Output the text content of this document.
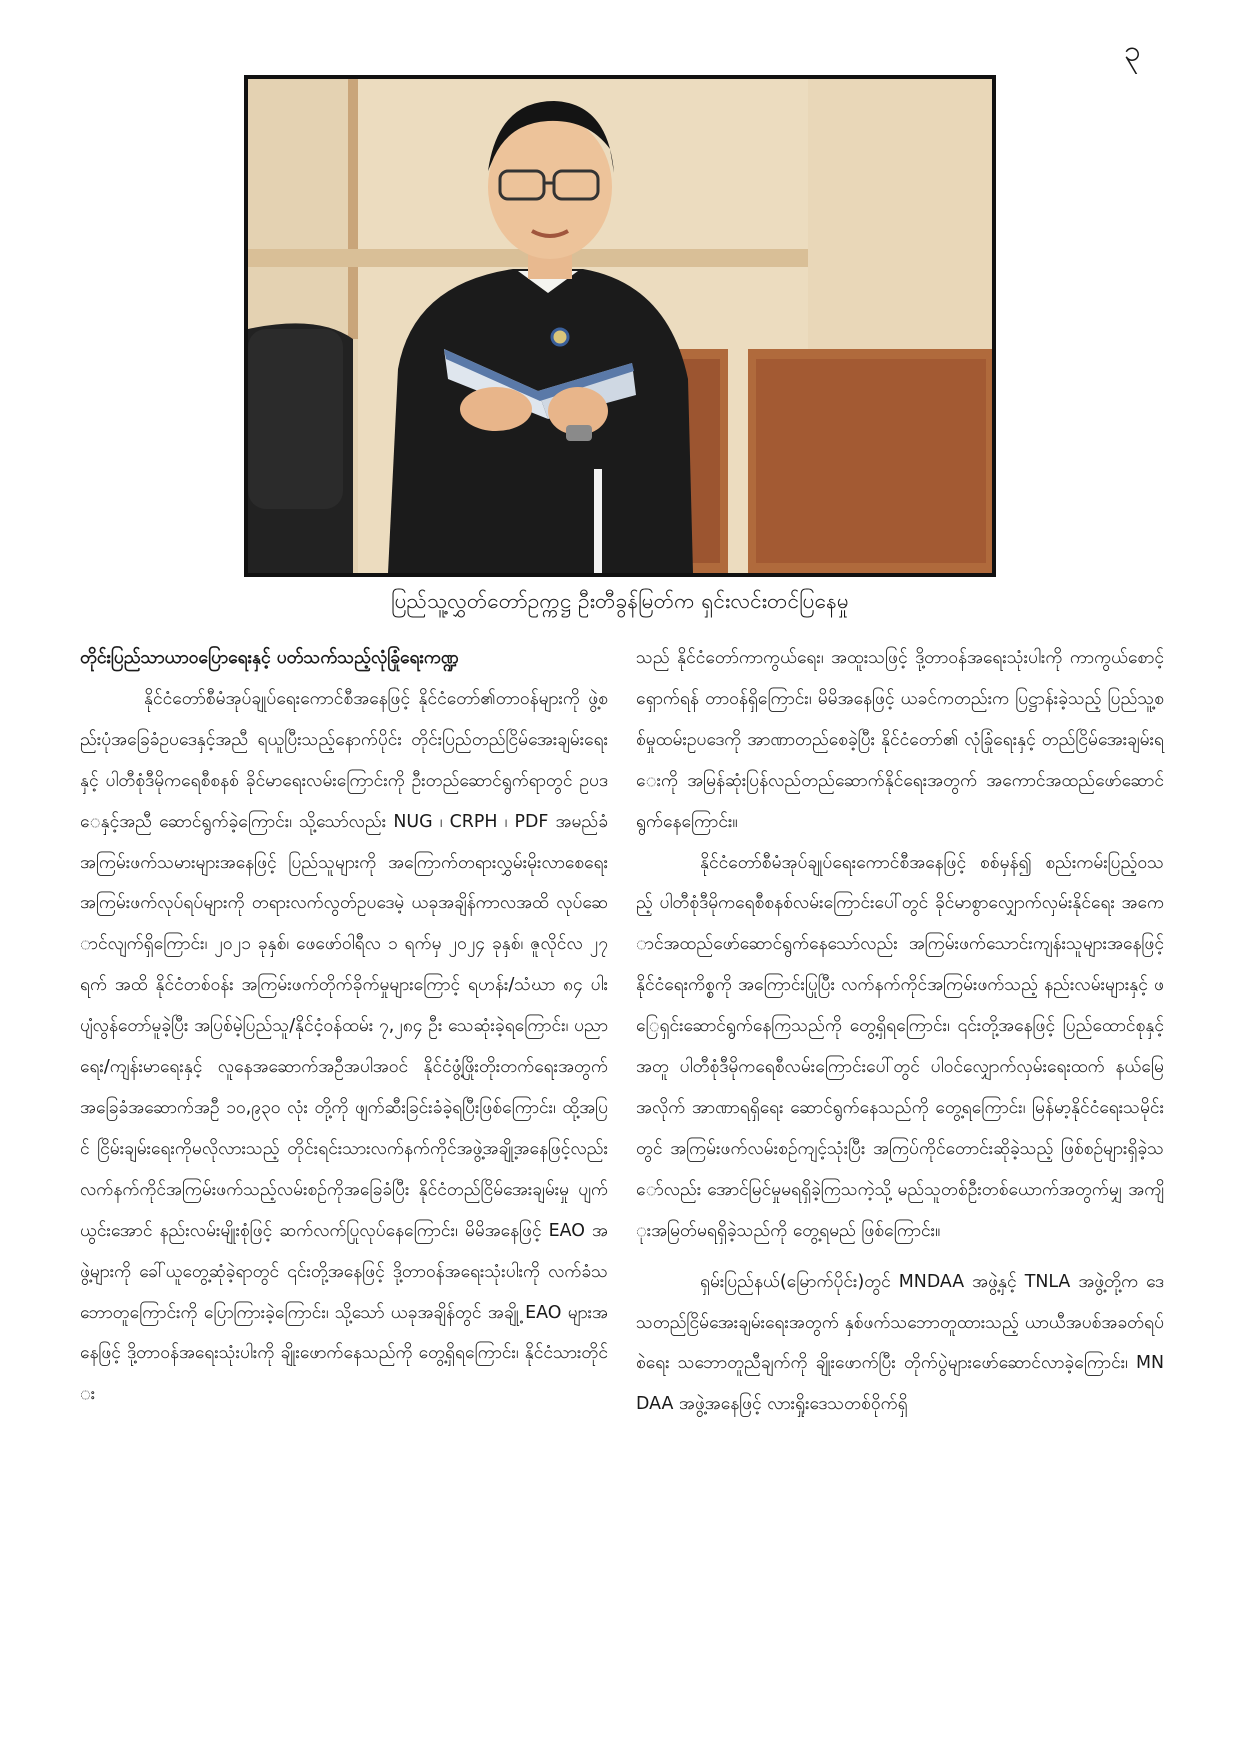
၃
ပြည်သူ့လွှတ်တော်ဥက္ကဋ္ဌ ဦးတီခွန်မြတ်က ရှင်းလင်းတင်ပြနေမှု

တိုင်းပြည်သာယာဝပြောရေးနှင့် ပတ်သက်သည့်လုံခြုံရေးကဏ္ဍ

နိုင်ငံတော်စီမံအုပ်ချုပ်ရေးကောင်စီအနေဖြင့် နိုင်ငံတော်၏တာဝန်များကို ဖွဲ့စည်းပုံအခြေခံဥပဒေနှင့်အညီ ရယူပြီးသည့်နောက်ပိုင်း တိုင်းပြည်တည်ငြိမ်အေးချမ်းရေးနှင့် ပါတီစုံဒီမိုကရေစီစနစ် ခိုင်မာရေးလမ်းကြောင်းကို ဦးတည်ဆောင်ရွက်ရာတွင် ဥပဒေနှင့်အညီ ဆောင်ရွက်ခဲ့ကြောင်း၊ သို့သော်လည်း NUG ၊ CRPH ၊ PDF အမည်ခံအကြမ်းဖက်သမားများအနေဖြင့် ပြည်သူများကို အကြောက်တရားလွှမ်းမိုးလာစေရေး အကြမ်းဖက်လုပ်ရပ်များကို တရားလက်လွတ်ဥပဒေမဲ့ ယခုအချိန်ကာလအထိ လုပ်ဆောင်လျက်ရှိကြောင်း၊ ၂၀၂၁ ခုနှစ်၊ ဖေဖော်ဝါရီလ ၁ ရက်မှ ၂၀၂၄ ခုနှစ်၊ ဇူလိုင်လ ၂၇ ရက် အထိ နိုင်ငံတစ်ဝန်း အကြမ်းဖက်တိုက်ခိုက်မှုများကြောင့် ရဟန်း/သံဃာ ၈၄ ပါး ပျံလွန်တော်မူခဲ့ပြီး အပြစ်မဲ့ပြည်သူ/နိုင်ငံ့ဝန်ထမ်း ၇,၂၈၄ ဦး သေဆုံးခဲ့ရကြောင်း၊ ပညာရေး/ကျန်းမာရေးနှင့် လူနေအဆောက်အဦအပါအဝင် နိုင်ငံဖွံ့ဖြိုးတိုးတက်ရေးအတွက် အခြေခံအဆောက်အဦ ၁၀,၉၃၀ လုံး တို့ကို ဖျက်ဆီးခြင်းခံခဲ့ရပြီးဖြစ်ကြောင်း၊ ထို့အပြင် ငြိမ်းချမ်းရေးကိုမလိုလားသည့် တိုင်းရင်းသားလက်နက်ကိုင်အဖွဲ့အချို့အနေဖြင့်လည်း လက်နက်ကိုင်အကြမ်းဖက်သည့်လမ်းစဉ်ကိုအခြေခံပြီး နိုင်ငံတည်ငြိမ်အေးချမ်းမှု ပျက်ယွင်းအောင် နည်းလမ်းမျိုးစုံဖြင့် ဆက်လက်ပြုလုပ်နေကြောင်း၊ မိမိအနေဖြင့် EAO အဖွဲ့များကို ခေါ်ယူတွေ့ဆုံခဲ့ရာတွင် ၎င်းတို့အနေဖြင့် ဒို့တာဝန်အရေးသုံးပါးကို လက်ခံသဘောတူကြောင်းကို ပြောကြားခဲ့ကြောင်း၊ သို့သော် ယခုအချိန်တွင် အချို့ EAO များအနေဖြင့် ဒို့တာဝန်အရေးသုံးပါးကို ချိုးဖောက်နေသည်ကို တွေ့ရှိရကြောင်း၊ နိုင်ငံသားတိုင်း

သည် နိုင်ငံတော်ကာကွယ်ရေး၊ အထူးသဖြင့် ဒို့တာဝန်အရေးသုံးပါးကို ကာကွယ်စောင့်ရှောက်ရန် တာဝန်ရှိကြောင်း၊ မိမိအနေဖြင့် ယခင်ကတည်းက ပြဋ္ဌာန်းခဲ့သည့် ပြည်သူ့စစ်မှုထမ်းဥပဒေကို အာဏာတည်စေခဲ့ပြီး နိုင်ငံတော်၏ လုံခြုံရေးနှင့် တည်ငြိမ်အေးချမ်းရေးကို အမြန်ဆုံးပြန်လည်တည်ဆောက်နိုင်ရေးအတွက် အကောင်အထည်ဖော်ဆောင်ရွက်နေကြောင်း။

နိုင်ငံတော်စီမံအုပ်ချုပ်ရေးကောင်စီအနေဖြင့် စစ်မှန်၍ စည်းကမ်းပြည့်ဝသည့် ပါတီစုံဒီမိုကရေစီစနစ်လမ်းကြောင်းပေါ်တွင် ခိုင်မာစွာလျှောက်လှမ်းနိုင်ရေး အကောင်အထည်ဖော်ဆောင်ရွက်နေသော်လည်း အကြမ်းဖက်သောင်းကျန်းသူများအနေဖြင့် နိုင်ငံရေးကိစ္စကို အကြောင်းပြုပြီး လက်နက်ကိုင်အကြမ်းဖက်သည့် နည်းလမ်းများနှင့် ဖြေရှင်းဆောင်ရွက်နေကြသည်ကို တွေ့ရှိရကြောင်း၊ ၎င်းတို့အနေဖြင့် ပြည်ထောင်စုနှင့်အတူ ပါတီစုံဒီမိုကရေစီလမ်းကြောင်းပေါ်တွင် ပါဝင်လျှောက်လှမ်းရေးထက် နယ်မြေအလိုက် အာဏာရရှိရေး ဆောင်ရွက်နေသည်ကို တွေ့ရကြောင်း၊ မြန်မာ့နိုင်ငံရေးသမိုင်းတွင် အကြမ်းဖက်လမ်းစဉ်ကျင့်သုံးပြီး အကြပ်ကိုင်တောင်းဆိုခဲ့သည့် ဖြစ်စဉ်များရှိခဲ့သော်လည်း အောင်မြင်မှုမရရှိခဲ့ကြသကဲ့သို့ မည်သူတစ်ဦးတစ်ယောက်အတွက်မျှ အကျိုးအမြတ်မရရှိခဲ့သည်ကို တွေ့ရမည် ဖြစ်ကြောင်း။

ရှမ်းပြည်နယ်(မြောက်ပိုင်း)တွင် MNDAA အဖွဲ့နှင့် TNLA အဖွဲ့တို့က ဒေသတည်ငြိမ်အေးချမ်းရေးအတွက် နှစ်ဖက်သဘောတူထားသည့် ယာယီအပစ်အခတ်ရပ်စဲရေး သဘောတူညီချက်ကို ချိုးဖောက်ပြီး တိုက်ပွဲများဖော်ဆောင်လာခဲ့ကြောင်း၊ MNDAA အဖွဲ့အနေဖြင့် လားရှိုးဒေသတစ်ဝိုက်ရှိ
